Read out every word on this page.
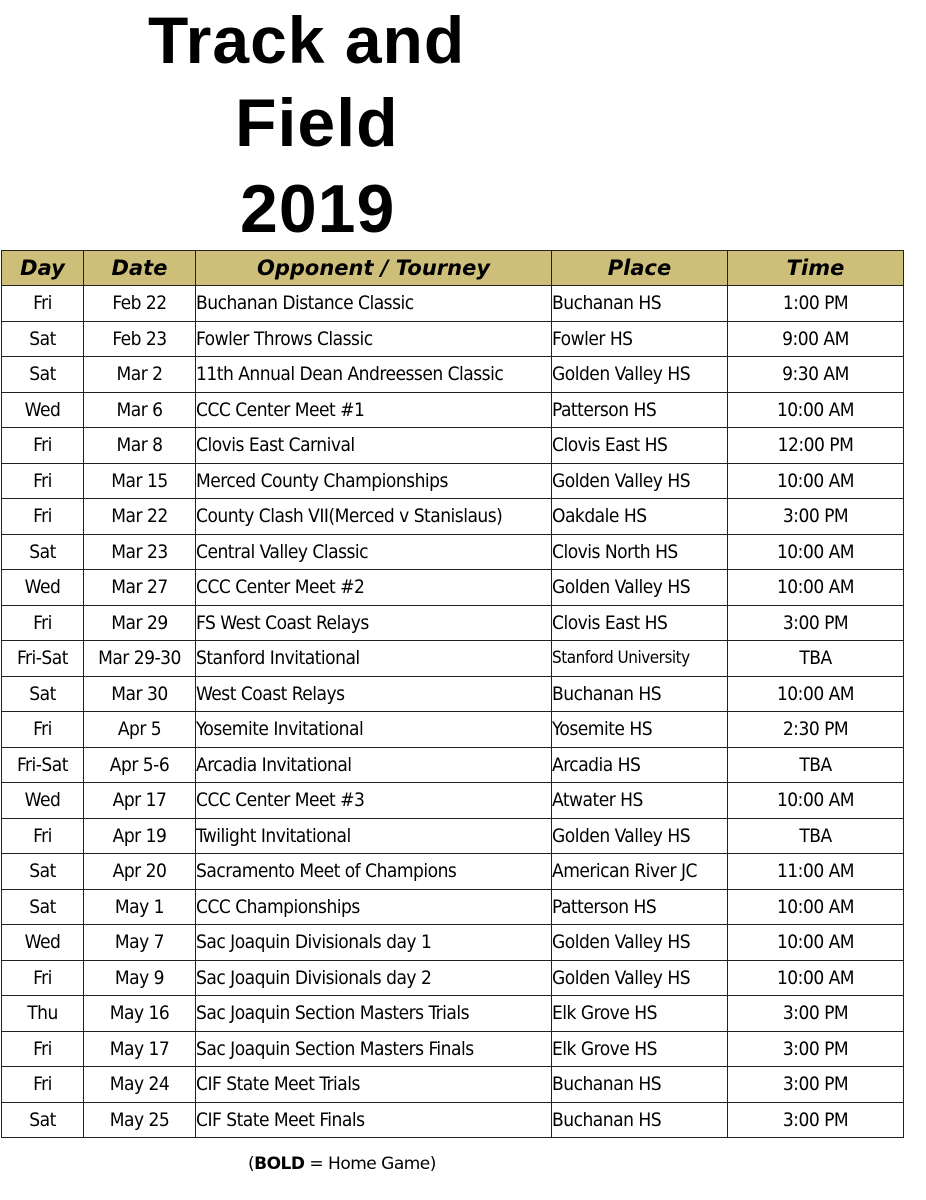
Track and
Field
2019
Day	Date	Opponent / Tourney	Place	Time
Fri	Feb 22	Buchanan Distance Classic	Buchanan HS	1:00 PM
Sat	Feb 23	Fowler Throws Classic	Fowler HS	9:00 AM
Sat	Mar 2	11th Annual Dean Andreessen Classic	Golden Valley HS	9:30 AM
Wed	Mar 6	CCC Center Meet #1	Patterson HS	10:00 AM
Fri	Mar 8	Clovis East Carnival	Clovis East HS	12:00 PM
Fri	Mar 15	Merced County Championships	Golden Valley HS	10:00 AM
Fri	Mar 22	County Clash VII(Merced v Stanislaus)	Oakdale HS	3:00 PM
Sat	Mar 23	Central Valley Classic	Clovis North HS	10:00 AM
Wed	Mar 27	CCC Center Meet #2	Golden Valley HS	10:00 AM
Fri	Mar 29	FS West Coast Relays	Clovis East HS	3:00 PM
Fri-Sat	Mar 29-30	Stanford Invitational	Stanford University	TBA
Sat	Mar 30	West Coast Relays	Buchanan HS	10:00 AM
Fri	Apr 5	Yosemite Invitational	Yosemite HS	2:30 PM
Fri-Sat	Apr 5-6	Arcadia Invitational	Arcadia HS	TBA
Wed	Apr 17	CCC Center Meet #3	Atwater HS	10:00 AM
Fri	Apr 19	Twilight Invitational	Golden Valley HS	TBA
Sat	Apr 20	Sacramento Meet of Champions	American River JC	11:00 AM
Sat	May 1	CCC Championships	Patterson HS	10:00 AM
Wed	May 7	Sac Joaquin Divisionals day 1	Golden Valley HS	10:00 AM
Fri	May 9	Sac Joaquin Divisionals day 2	Golden Valley HS	10:00 AM
Thu	May 16	Sac Joaquin Section Masters Trials	Elk Grove HS	3:00 PM
Fri	May 17	Sac Joaquin Section Masters Finals	Elk Grove HS	3:00 PM
Fri	May 24	CIF State Meet Trials	Buchanan HS	3:00 PM
Sat	May 25	CIF State Meet Finals	Buchanan HS	3:00 PM
(BOLD = Home Game)
